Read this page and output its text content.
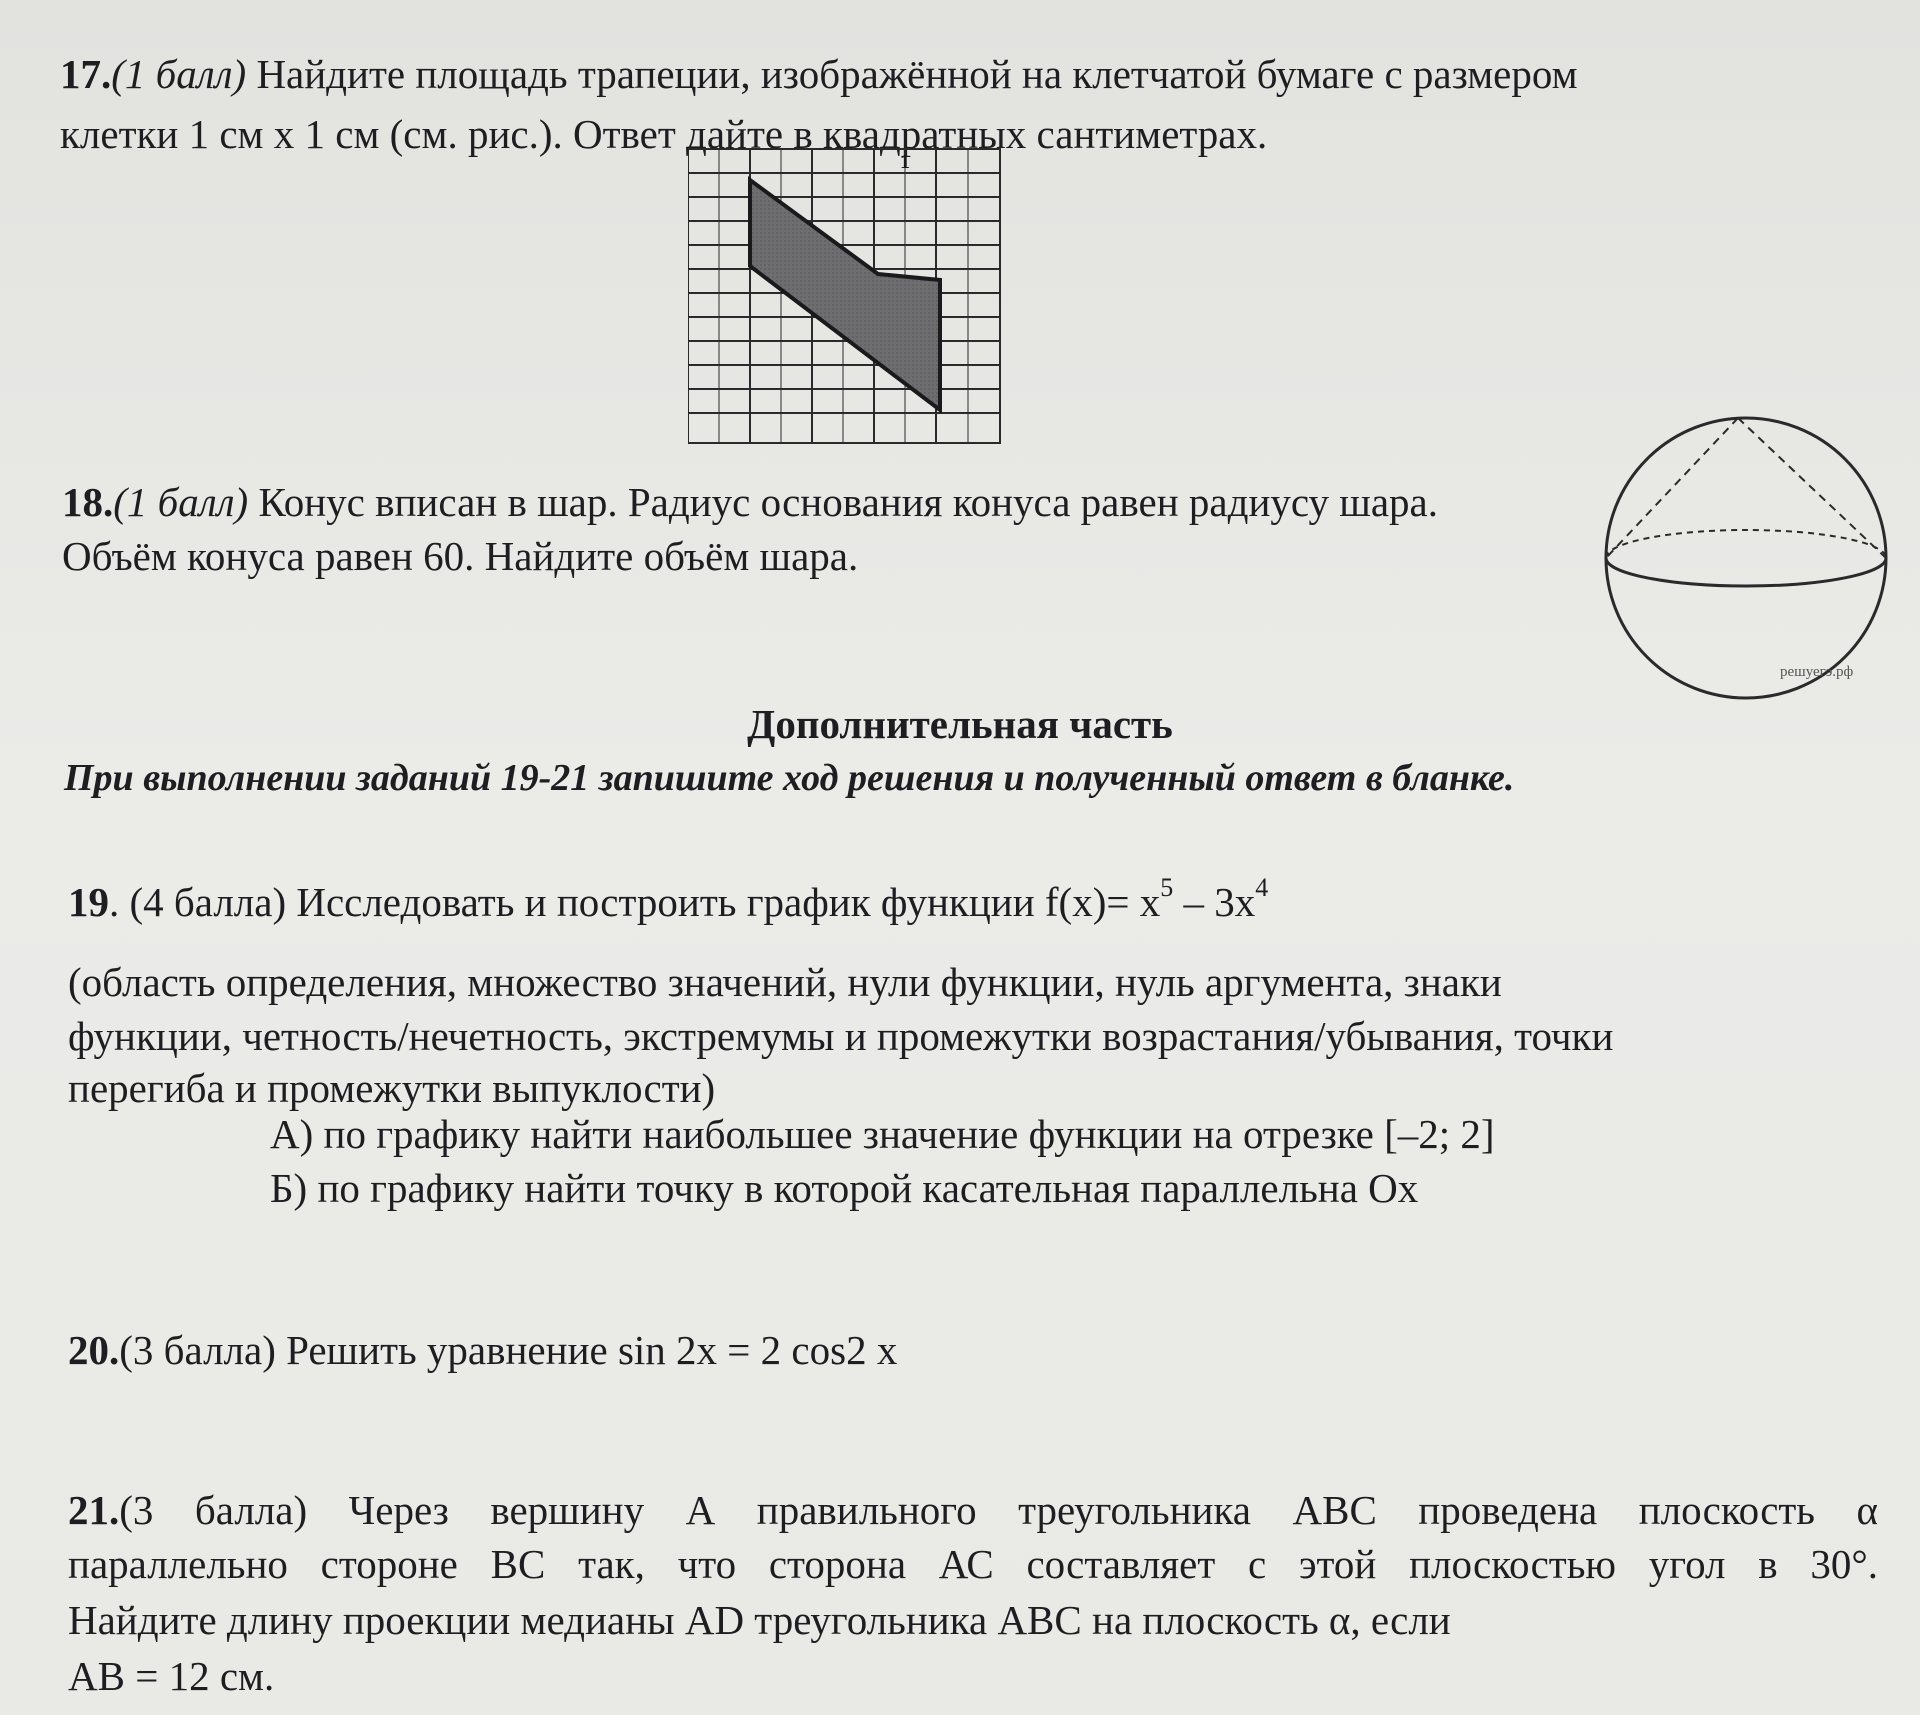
17.(1 балл) Найдите площадь трапеции, изображённой на клетчатой бумаге с размером
клетки 1 см х 1 см (см. рис.). Ответ дайте в квадратных сантиметрах.
1
18.(1 балл) Конус вписан в шар. Радиус основания конуса равен радиусу шара.
Объём конуса равен 60. Найдите объём шара.
решуегэ.рф
Дополнительная часть
При выполнении заданий 19-21 запишите ход решения и полученный ответ в бланке.
19. (4 балла) Исследовать и построить график функции $f(x)= x^5 - 3x^4$
(область определения, множество значений, нули функции, нуль аргумента, знаки
функции, четность/нечетность, экстремумы и промежутки возрастания/убывания, точки
перегиба и промежутки выпуклости)
А) по графику найти наибольшее значение функции на отрезке [–2; 2]
Б) по графику найти точку в которой касательная параллельна Ох
20.(3 балла) Решить уравнение sin 2x = 2 cos2 x
21.(3 балла) Через вершину А правильного треугольника АВС проведена плоскость α
параллельно стороне ВС так, что сторона АС составляет с этой плоскостью угол в 30°.
Найдите длину проекции медианы AD треугольника АВС на плоскость α, если
АВ = 12 см.
